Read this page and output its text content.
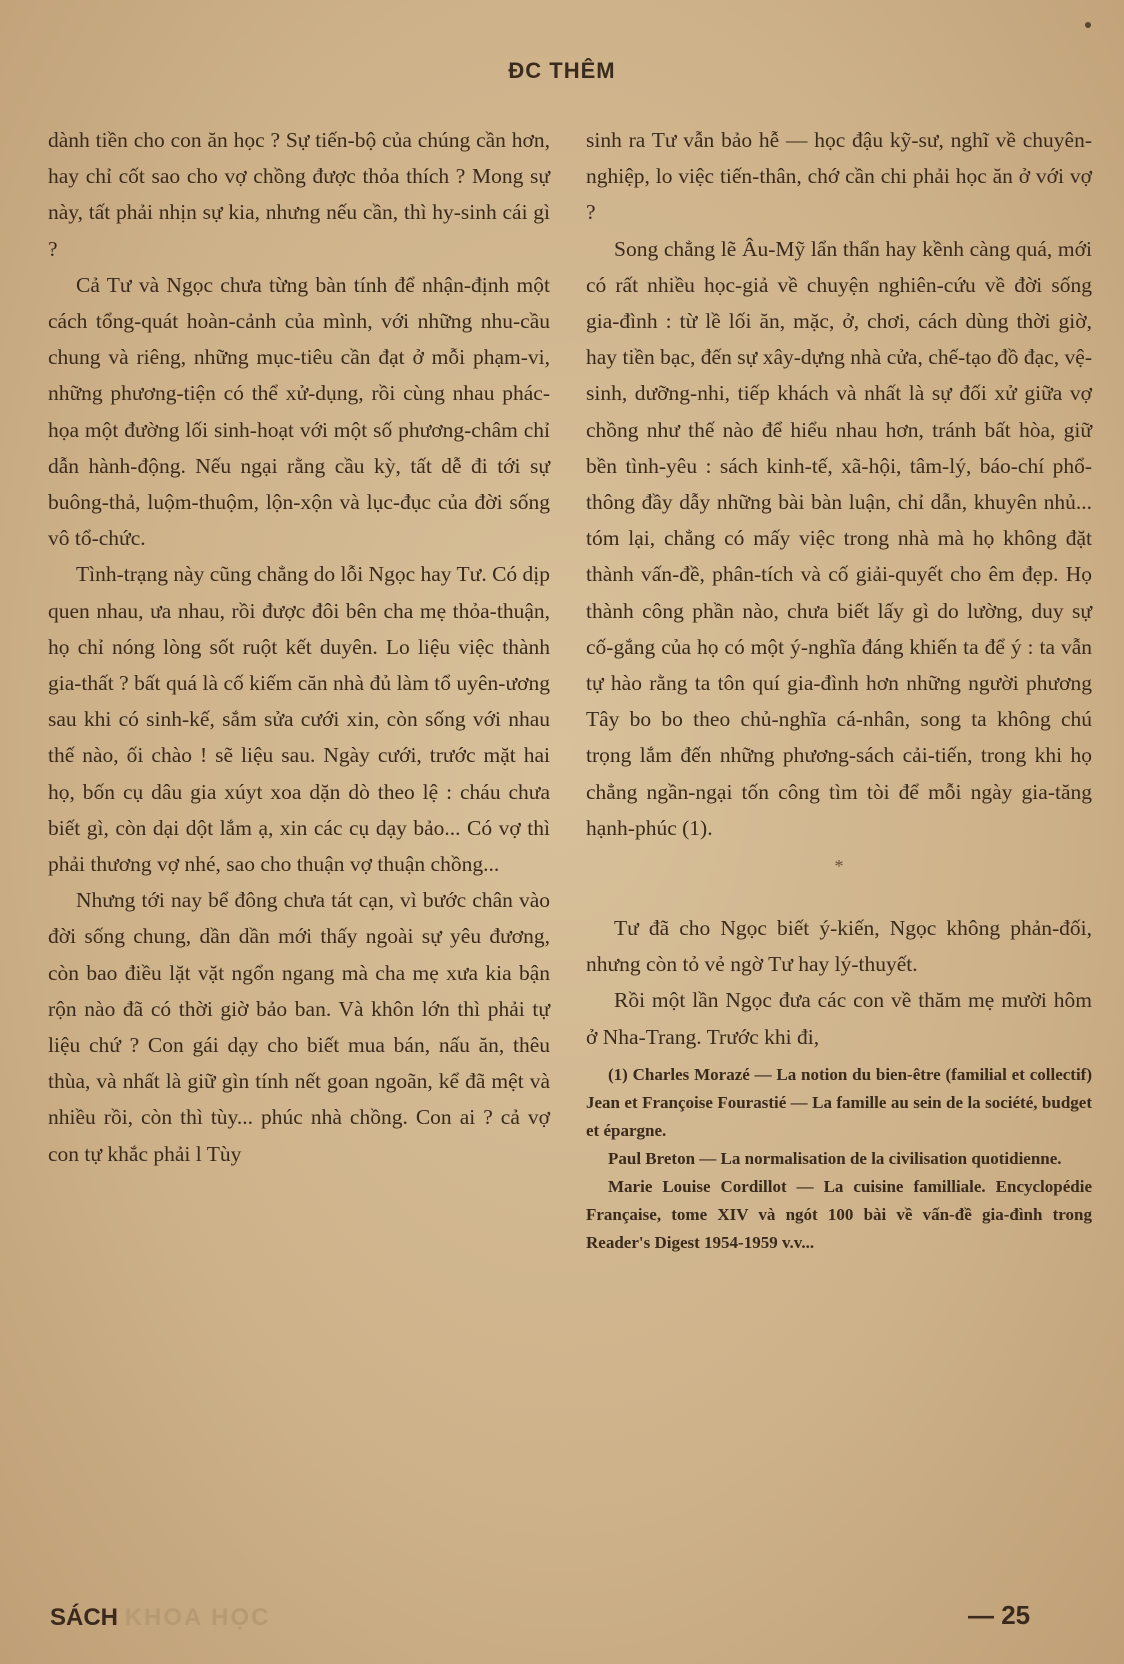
ĐC THÊM

dành tiền cho con ăn học ? Sự tiến-bộ của chúng cần hơn, hay chỉ cốt sao cho vợ chồng được thỏa thích ? Mong sự này, tất phải nhịn sự kia, nhưng nếu cần, thì hy-sinh cái gì ?

Cả Tư và Ngọc chưa từng bàn tính để nhận-định một cách tổng-quát hoàn-cảnh của mình, với những nhu-cầu chung và riêng, những mục-tiêu cần đạt ở mỗi phạm-vi, những phương-tiện có thể xử-dụng, rồi cùng nhau phác-họa một đường lối sinh-hoạt với một số phương-châm chỉ dẫn hành-động. Nếu ngại rằng cầu kỳ, tất dễ đi tới sự buông-thả, luộm-thuộm, lộn-xộn và lục-đục của đời sống vô tổ-chức.

Tình-trạng này cũng chẳng do lỗi Ngọc hay Tư. Có dịp quen nhau, ưa nhau, rồi được đôi bên cha mẹ thỏa-thuận, họ chỉ nóng lòng sốt ruột kết duyên. Lo liệu việc thành gia-thất ? bất quá là cố kiếm căn nhà đủ làm tổ uyên-ương sau khi có sinh-kế, sắm sửa cưới xin, còn sống với nhau thế nào, ối chào ! sẽ liệu sau. Ngày cưới, trước mặt hai họ, bốn cụ dâu gia xúyt xoa dặn dò theo lệ : cháu chưa biết gì, còn dại dột lắm ạ, xin các cụ dạy bảo... Có vợ thì phải thương vợ nhé, sao cho thuận vợ thuận chồng...

Nhưng tới nay bể đông chưa tát cạn, vì bước chân vào đời sống chung, dần dần mới thấy ngoài sự yêu đương, còn bao điều lặt vặt ngổn ngang mà cha mẹ xưa kia bận rộn nào đã có thời giờ bảo ban. Và khôn lớn thì phải tự liệu chứ ? Con gái dạy cho biết mua bán, nấu ăn, thêu thùa, và nhất là giữ gìn tính nết goan ngoãn, kể đã mệt và nhiều rồi, còn thì tùy... phúc nhà chồng. Con ai ? cả vợ con tự khắc phải l Tùy

sinh ra Tư vẫn bảo hễ — học đậu kỹ-sư, nghĩ về chuyên-nghiệp, lo việc tiến-thân, chớ cần chi phải học ăn ở với vợ ?

Song chẳng lẽ Âu-Mỹ lẩn thẩn hay kềnh càng quá, mới có rất nhiều học-giả về chuyện nghiên-cứu về đời sống gia-đình : từ lề lối ăn, mặc, ở, chơi, cách dùng thời giờ, hay tiền bạc, đến sự xây-dựng nhà cửa, chế-tạo đồ đạc, vệ-sinh, dưỡng-nhi, tiếp khách và nhất là sự đối xử giữa vợ chồng như thế nào để hiểu nhau hơn, tránh bất hòa, giữ bền tình-yêu : sách kinh-tế, xã-hội, tâm-lý, báo-chí phổ-thông đầy dẫy những bài bàn luận, chỉ dẫn, khuyên nhủ... tóm lại, chẳng có mấy việc trong nhà mà họ không đặt thành vấn-đề, phân-tích và cố giải-quyết cho êm đẹp. Họ thành công phần nào, chưa biết lấy gì do lường, duy sự cố-gắng của họ có một ý-nghĩa đáng khiến ta để ý : ta vẫn tự hào rằng ta tôn quí gia-đình hơn những người phương Tây bo bo theo chủ-nghĩa cá-nhân, song ta không chú trọng lắm đến những phương-sách cải-tiến, trong khi họ chẳng ngần-ngại tốn công tìm tòi để mỗi ngày gia-tăng hạnh-phúc (1).

*

Tư đã cho Ngọc biết ý-kiến, Ngọc không phản-đối, nhưng còn tỏ vẻ ngờ Tư hay lý-thuyết.

Rồi một lần Ngọc đưa các con về thăm mẹ mười hôm ở Nha-Trang. Trước khi đi,

(1) Charles Morazé — La notion du bien-être (familial et collectif) Jean et Françoise Fourastié — La famille au sein de la société, budget et épargne.

Paul Breton — La normalisation de la civilisation quotidienne.

Marie Louise Cordillot — La cuisine familliale. Encyclopédie Française, tome XIV và ngót 100 bài về vấn-đề gia-đình trong Reader's Digest 1954-1959 v.v...

SÁCH KHOA HỌC	— 25
